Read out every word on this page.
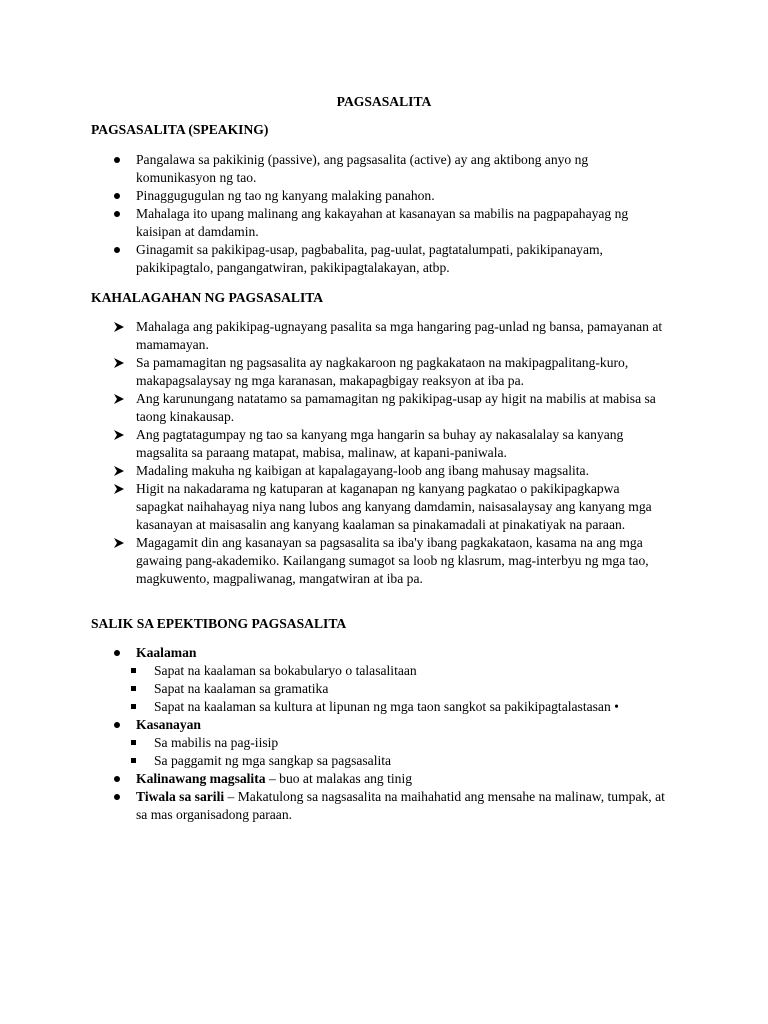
PAGSASALITA
PAGSASALITA (SPEAKING)
Pangalawa sa pakikinig (passive), ang pagsasalita (active) ay ang aktibong anyo ng komunikasyon ng tao.
Pinaggugugulan ng tao ng kanyang malaking panahon.
Mahalaga ito upang malinang ang kakayahan at kasanayan sa mabilis na pagpapahayag ng kaisipan at damdamin.
Ginagamit sa pakikipag-usap, pagbabalita, pag-uulat, pagtatalumpati, pakikipanayam, pakikipagtalo, pangangatwiran, pakikipagtalakayan, atbp.
KAHALAGAHAN NG PAGSASALITA
Mahalaga ang pakikipag-ugnayang pasalita sa mga hangaring pag-unlad ng bansa, pamayanan at mamamayan.
Sa pamamagitan ng pagsasalita ay nagkakaroon ng pagkakataon na makipagpalitang-kuro, makapagsalaysay ng mga karanasan, makapagbigay reaksyon at iba pa.
Ang karunungang natatamo sa pamamagitan ng pakikipag-usap ay higit na mabilis at mabisa sa taong kinakausap.
Ang pagtatagumpay ng tao sa kanyang mga hangarin sa buhay ay nakasalalay sa kanyang magsalita sa paraang matapat, mabisa, malinaw, at kapani-paniwala.
Madaling makuha ng kaibigan at kapalagayang-loob ang ibang mahusay magsalita.
Higit na nakadarama ng katuparan at kaganapan ng kanyang pagkatao o pakikipagkapwa sapagkat naihahayag niya nang lubos ang kanyang damdamin, naisasalaysay ang kanyang mga kasanayan at maisasalin ang kanyang kaalaman sa pinakamadali at pinakatiyak na paraan.
Magagamit din ang kasanayan sa pagsasalita sa iba'y ibang pagkakataon, kasama na ang mga gawaing pang-akademiko. Kailangang sumagot sa loob ng klasrum, mag-interbyu ng mga tao, magkuwento, magpaliwanag, mangatwiran at iba pa.
SALIK SA EPEKTIBONG PAGSASALITA
Kaalaman
Sapat na kaalaman sa bokabularyo o talasalitaan
Sapat na kaalaman sa gramatika
Sapat na kaalaman sa kultura at lipunan ng mga taon sangkot sa pakikipagtalastasan •
Kasanayan
Sa mabilis na pag-iisip
Sa paggamit ng mga sangkap sa pagsasalita
Kalinawang magsalita – buo at malakas ang tinig
Tiwala sa sarili – Makatulong sa nagsasalita na maihahatid ang mensahe na malinaw, tumpak, at sa mas organisadong paraan.
